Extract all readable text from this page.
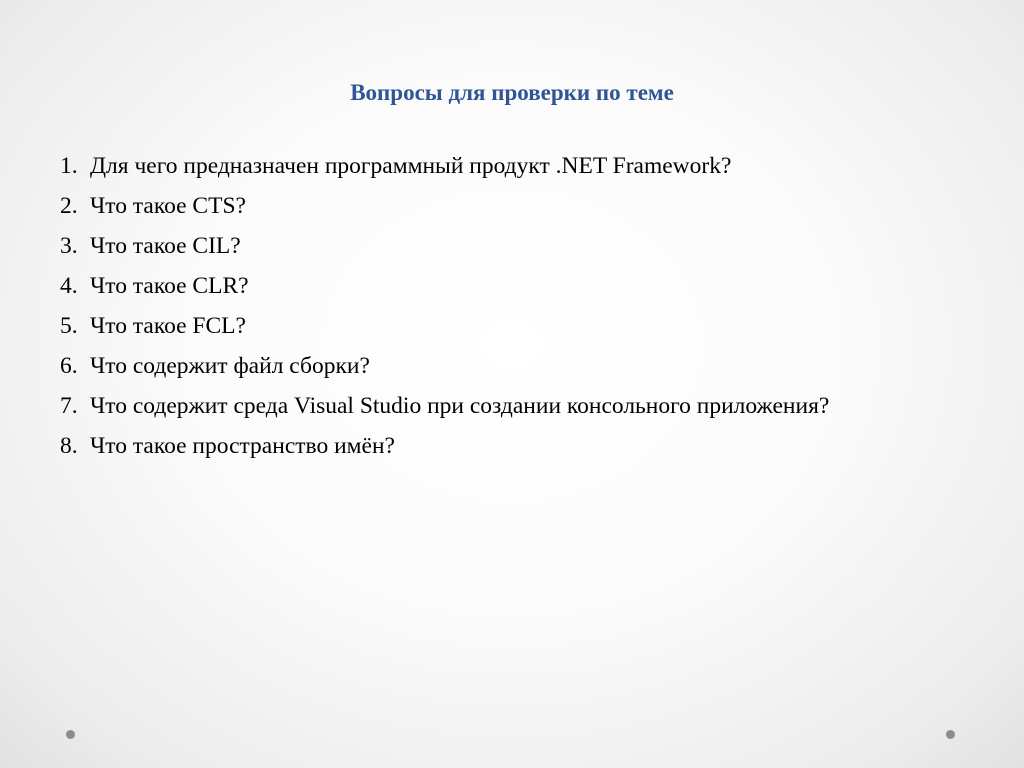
Вопросы для проверки по теме
1. Для чего предназначен программный продукт .NET Framework?
2. Что такое CTS?
3. Что такое CIL?
4. Что такое CLR?
5. Что такое FCL?
6. Что содержит файл сборки?
7. Что содержит среда Visual Studio при создании консольного приложения?
8. Что такое пространство имён?
